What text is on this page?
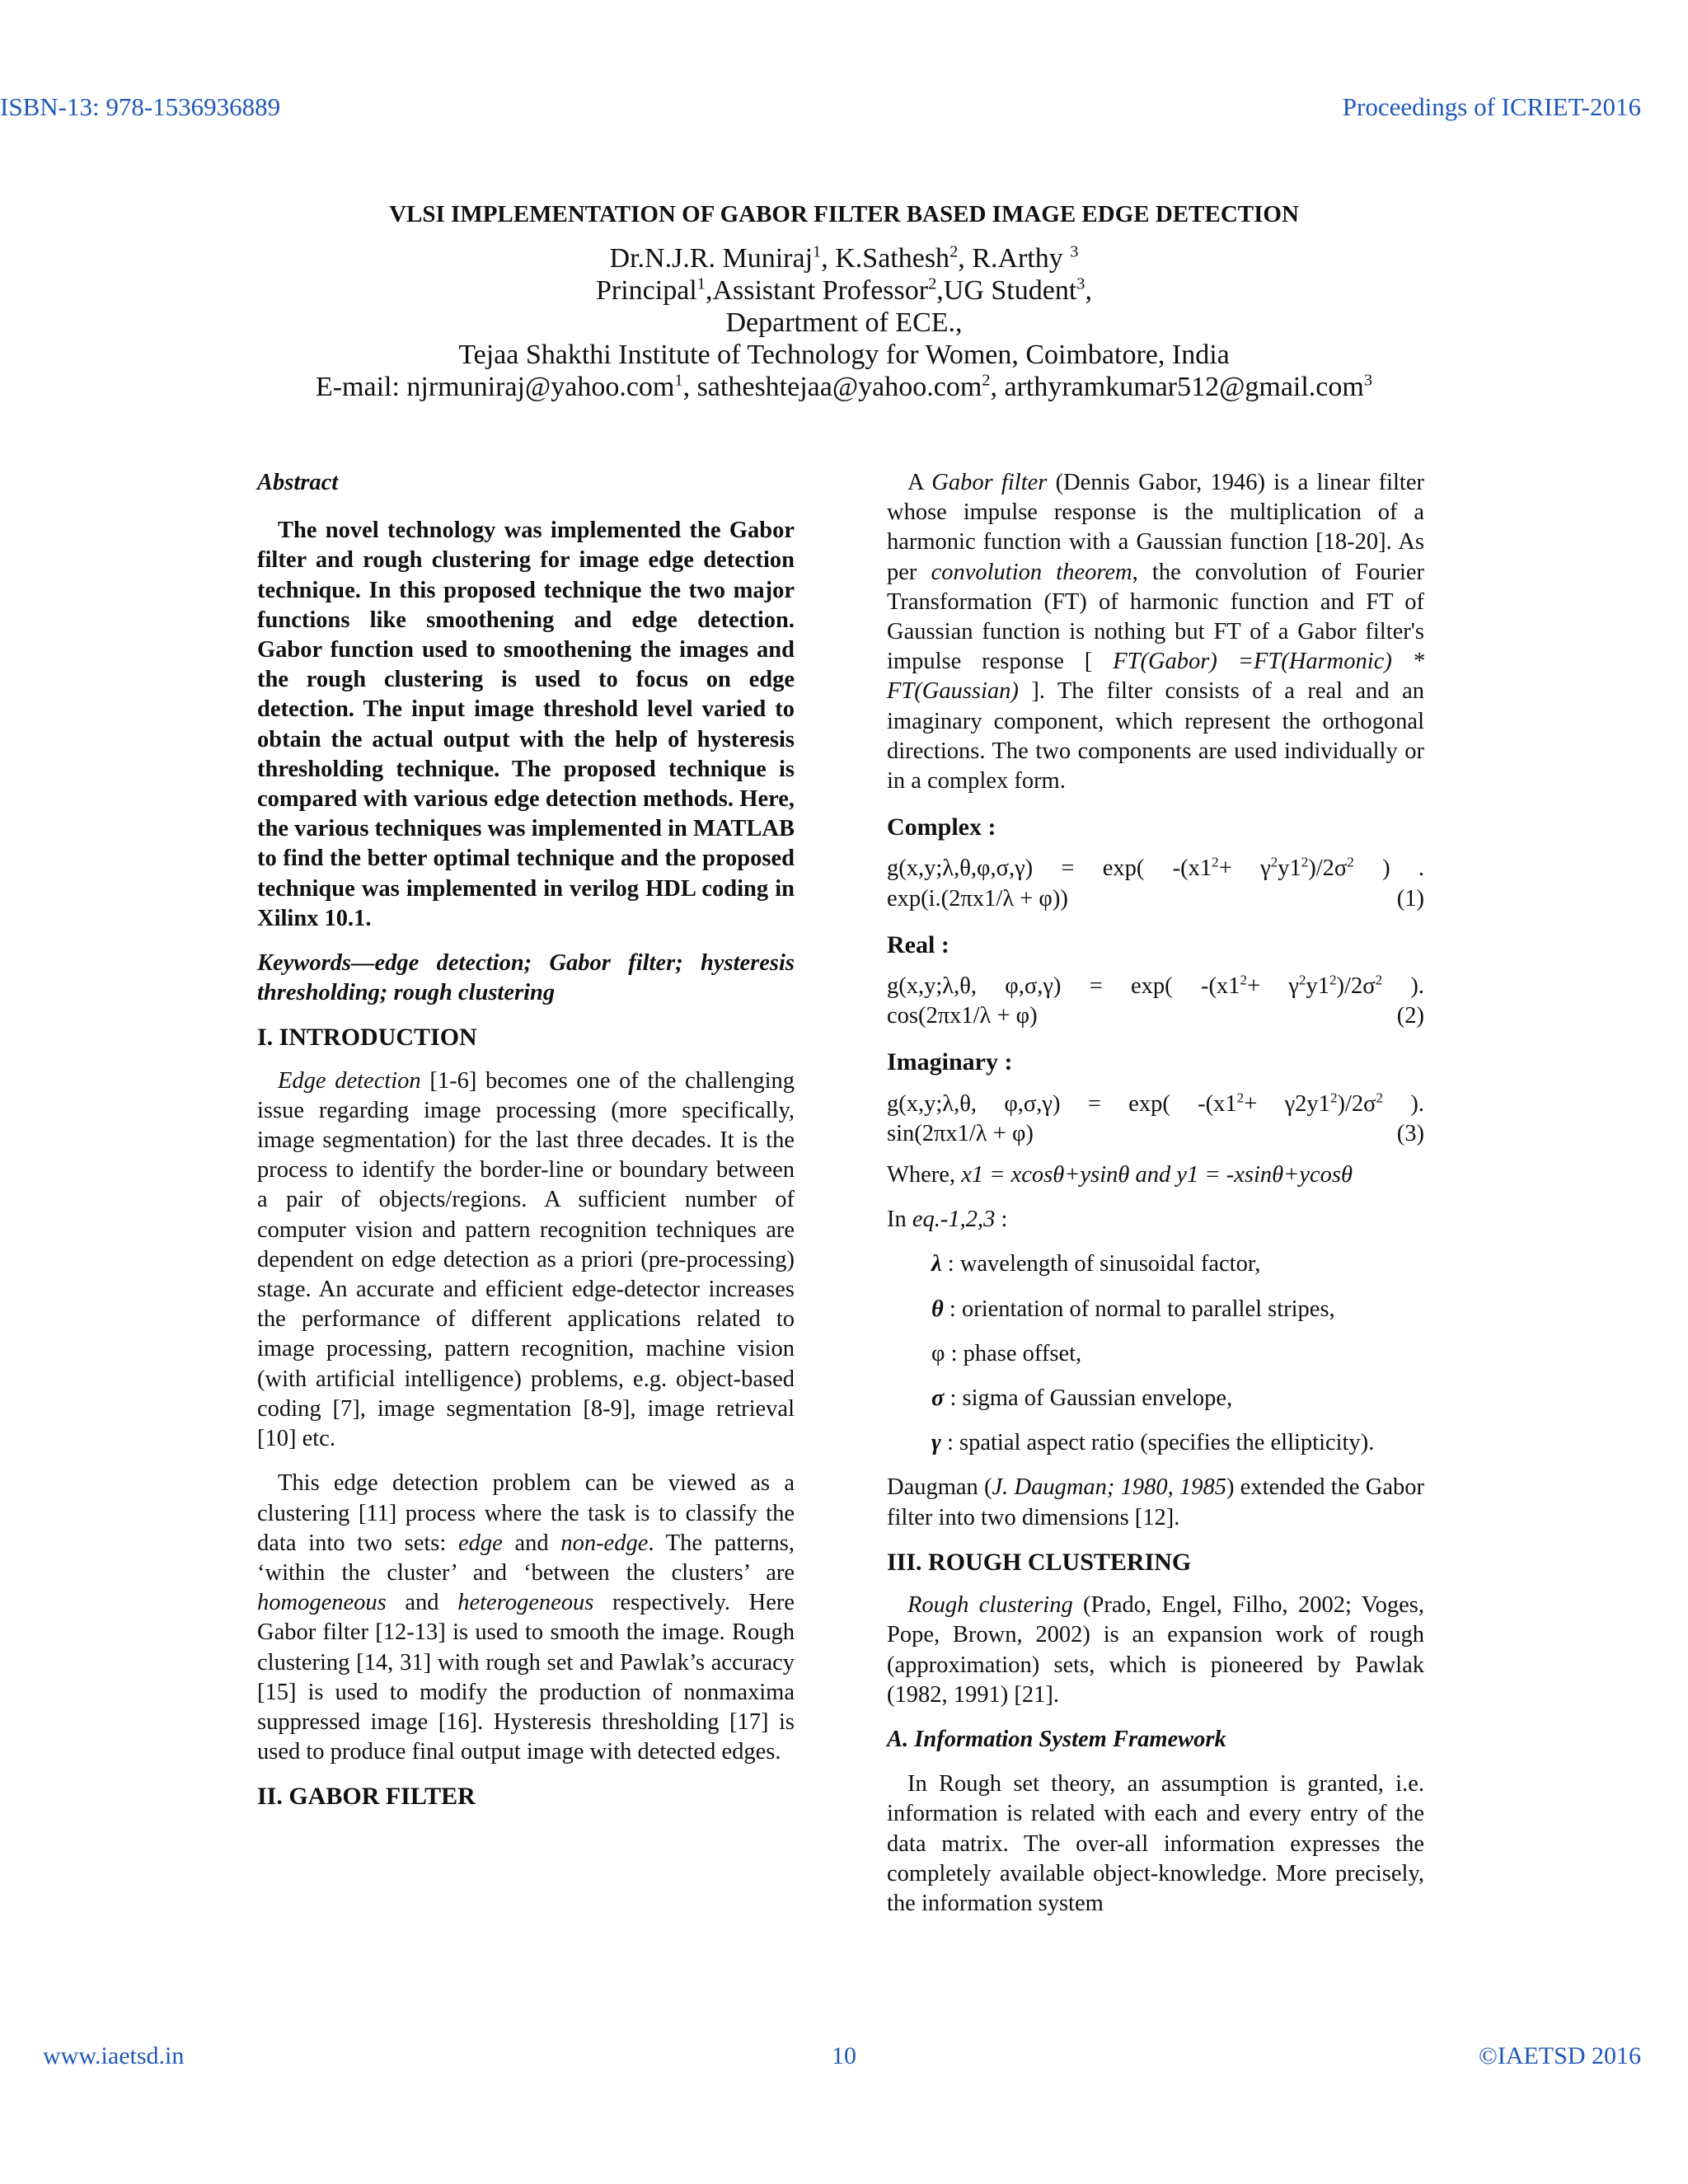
ISBN-13: 978-1536936889	Proceedings of ICRIET-2016
VLSI IMPLEMENTATION OF GABOR FILTER BASED IMAGE EDGE DETECTION
Dr.N.J.R. Muniraj$^1$, K.Sathesh$^2$, R.Arthy $^3$
Principal$^1$,Assistant Professor$^2$,UG Student$^3$,
Department of ECE.,
Tejaa Shakthi Institute of Technology for Women, Coimbatore, India
E-mail: njrmuniraj@yahoo.com$^1$, satheshtejaa@yahoo.com$^2$, arthyramkumar512@gmail.com$^3$

Abstract

The novel technology was implemented the Gabor filter and rough clustering for image edge detection technique. In this proposed technique the two major functions like smoothening and edge detection. Gabor function used to smoothening the images and the rough clustering is used to focus on edge detection. The input image threshold level varied to obtain the actual output with the help of hysteresis thresholding technique. The proposed technique is compared with various edge detection methods. Here, the various techniques was implemented in MATLAB to find the better optimal technique and the proposed technique was implemented in verilog HDL coding in Xilinx 10.1.

Keywords—edge detection; Gabor filter; hysteresis thresholding; rough clustering

I. INTRODUCTION

Edge detection [1-6] becomes one of the challenging issue regarding image processing (more specifically, image segmentation) for the last three decades. It is the process to identify the border-line or boundary between a pair of objects/regions. A sufficient number of computer vision and pattern recognition techniques are dependent on edge detection as a priori (pre-processing) stage. An accurate and efficient edge-detector increases the performance of different applications related to image processing, pattern recognition, machine vision (with artificial intelligence) problems, e.g. object-based coding [7], image segmentation [8-9], image retrieval [10] etc.

This edge detection problem can be viewed as a clustering [11] process where the task is to classify the data into two sets: edge and non-edge. The patterns, ‘within the cluster’ and ‘between the clusters’ are homogeneous and heterogeneous respectively. Here Gabor filter [12-13] is used to smooth the image. Rough clustering [14, 31] with rough set and Pawlak’s accuracy [15] is used to modify the production of nonmaxima suppressed image [16]. Hysteresis thresholding [17] is used to produce final output image with detected edges.

II. GABOR FILTER

A Gabor filter (Dennis Gabor, 1946) is a linear filter whose impulse response is the multiplication of a harmonic function with a Gaussian function [18-20]. As per convolution theorem, the convolution of Fourier Transformation (FT) of harmonic function and FT of Gaussian function is nothing but FT of a Gabor filter's impulse response [ FT(Gabor) =FT(Harmonic) * FT(Gaussian) ]. The filter consists of a real and an imaginary component, which represent the orthogonal directions. The two components are used individually or in a complex form.

Complex :

g(x,y;λ,θ,φ,σ,γ) = exp( $-(x1^2+ \gamma^2y1^2)/2\sigma^2$ ) .

exp(i.(2πx1/λ + φ))	(1)

Real :

g(x,y;λ,θ, φ,σ,γ) = exp( $-(x1^2+ \gamma^2y1^2)/2\sigma^2$ ).

cos(2πx1/λ + φ)	(2)

Imaginary :

g(x,y;λ,θ, φ,σ,γ) = exp( $-(x1^2+ \gamma 2y1^2)/2\sigma^2$ ).

sin(2πx1/λ + φ)	(3)

Where, x1 = xcosθ+ysinθ and y1 = -xsinθ+ycosθ

In eq.-1,2,3 :

λ : wavelength of sinusoidal factor,

θ : orientation of normal to parallel stripes,

φ : phase offset,

σ : sigma of Gaussian envelope,

γ : spatial aspect ratio (specifies the ellipticity).

Daugman (J. Daugman; 1980, 1985) extended the Gabor filter into two dimensions [12].

III. ROUGH CLUSTERING

Rough clustering (Prado, Engel, Filho, 2002; Voges, Pope, Brown, 2002) is an expansion work of rough (approximation) sets, which is pioneered by Pawlak (1982, 1991) [21].

A. Information System Framework

In Rough set theory, an assumption is granted, i.e. information is related with each and every entry of the data matrix. The over-all information expresses the completely available object-knowledge. More precisely, the information system

www.iaetsd.in	10	©IAETSD 2016
